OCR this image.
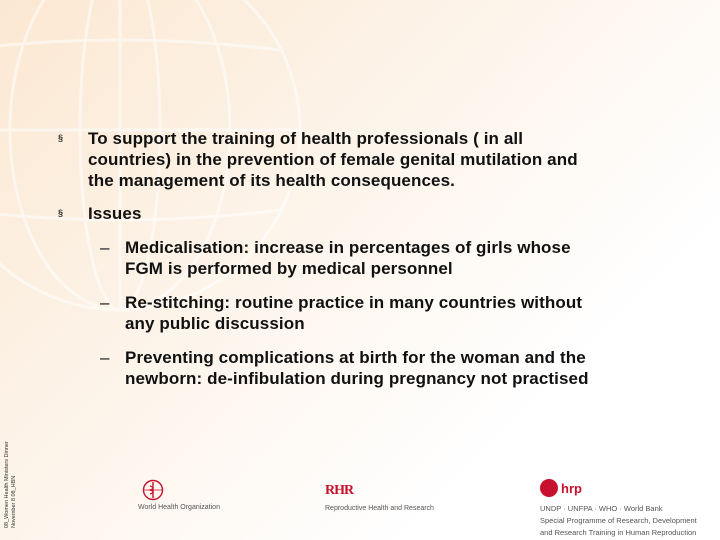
§ To support the training of health professionals ( in all
countries) in the prevention of female genital mutilation and
the management of its health consequences.
§ Issues
– Medicalisation: increase in percentages of girls whose
FGM is performed by medical personnel
– Re-stitching: routine practice in many countries without
any public discussion
– Preventing complications at birth for the woman and the
newborn: de-infibulation during pregnancy not practised
08_Women Health Ministers Dinner November 8 08_HBN	World Health Organization
RHR
Reproductive Health and Research
hrp
UNDP · UNFPA · WHO · World Bank
Special Programme of Research, Development
and Research Training in Human Reproduction
